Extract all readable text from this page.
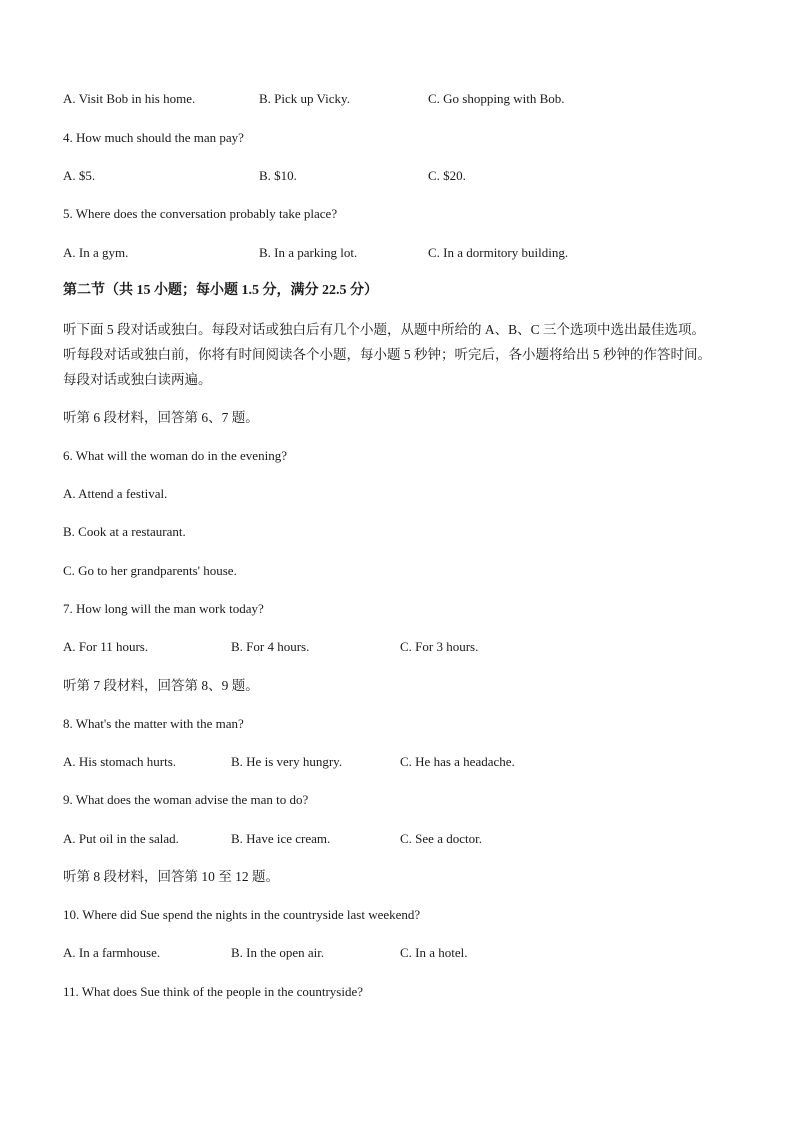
A. Visit Bob in his home.	B. Pick up Vicky.	C. Go shopping with Bob.
4. How much should the man pay?
A. $5.	B. $10.	C. $20.
5. Where does the conversation probably take place?
A. In a gym.	B. In a parking lot.	C. In a dormitory building.
第二节（共 15 小题；每小题 1.5 分，满分 22.5 分）
听下面 5 段对话或独白。每段对话或独白后有几个小题，从题中所给的 A、B、C 三个选项中选出最佳选项。
听每段对话或独白前，你将有时间阅读各个小题，每小题 5 秒钟；听完后，各小题将给出 5 秒钟的作答时间。
每段对话或独白读两遍。
听第 6 段材料，回答第 6、7 题。
6. What will the woman do in the evening?
A. Attend a festival.
B. Cook at a restaurant.
C. Go to her grandparents' house.
7. How long will the man work today?
A. For 11 hours.	B. For 4 hours.	C. For 3 hours.
听第 7 段材料，回答第 8、9 题。
8. What's the matter with the man?
A. His stomach hurts.	B. He is very hungry.	C. He has a headache.
9. What does the woman advise the man to do?
A. Put oil in the salad.	B. Have ice cream.	C. See a doctor.
听第 8 段材料，回答第 10 至 12 题。
10. Where did Sue spend the nights in the countryside last weekend?
A. In a farmhouse.	B. In the open air.	C. In a hotel.
11. What does Sue think of the people in the countryside?
